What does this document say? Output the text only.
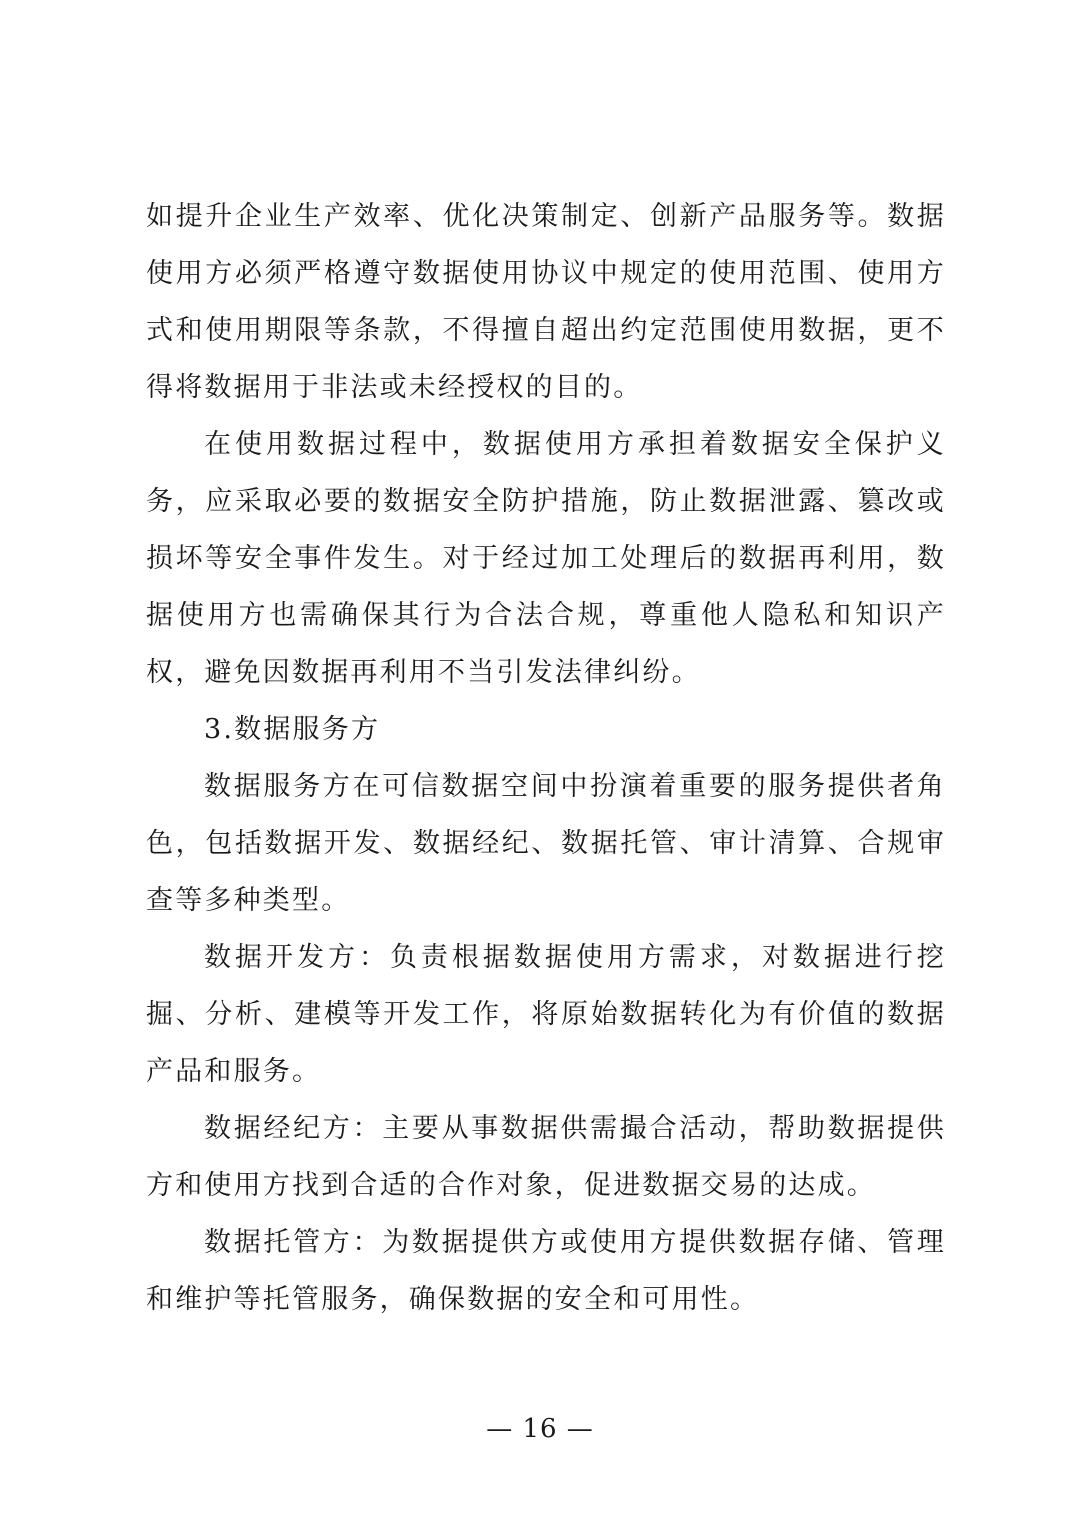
如提升企业生产效率、优化决策制定、创新产品服务等。数据使用方必须严格遵守数据使用协议中规定的使用范围、使用方式和使用期限等条款，不得擅自超出约定范围使用数据，更不得将数据用于非法或未经授权的目的。

在使用数据过程中，数据使用方承担着数据安全保护义务，应采取必要的数据安全防护措施，防止数据泄露、篡改或损坏等安全事件发生。对于经过加工处理后的数据再利用，数据使用方也需确保其行为合法合规，尊重他人隐私和知识产权，避免因数据再利用不当引发法律纠纷。

3.数据服务方

数据服务方在可信数据空间中扮演着重要的服务提供者角色，包括数据开发、数据经纪、数据托管、审计清算、合规审查等多种类型。

数据开发方：负责根据数据使用方需求，对数据进行挖掘、分析、建模等开发工作，将原始数据转化为有价值的数据产品和服务。

数据经纪方：主要从事数据供需撮合活动，帮助数据提供方和使用方找到合适的合作对象，促进数据交易的达成。

数据托管方：为数据提供方或使用方提供数据存储、管理和维护等托管服务，确保数据的安全和可用性。

— 16 —
